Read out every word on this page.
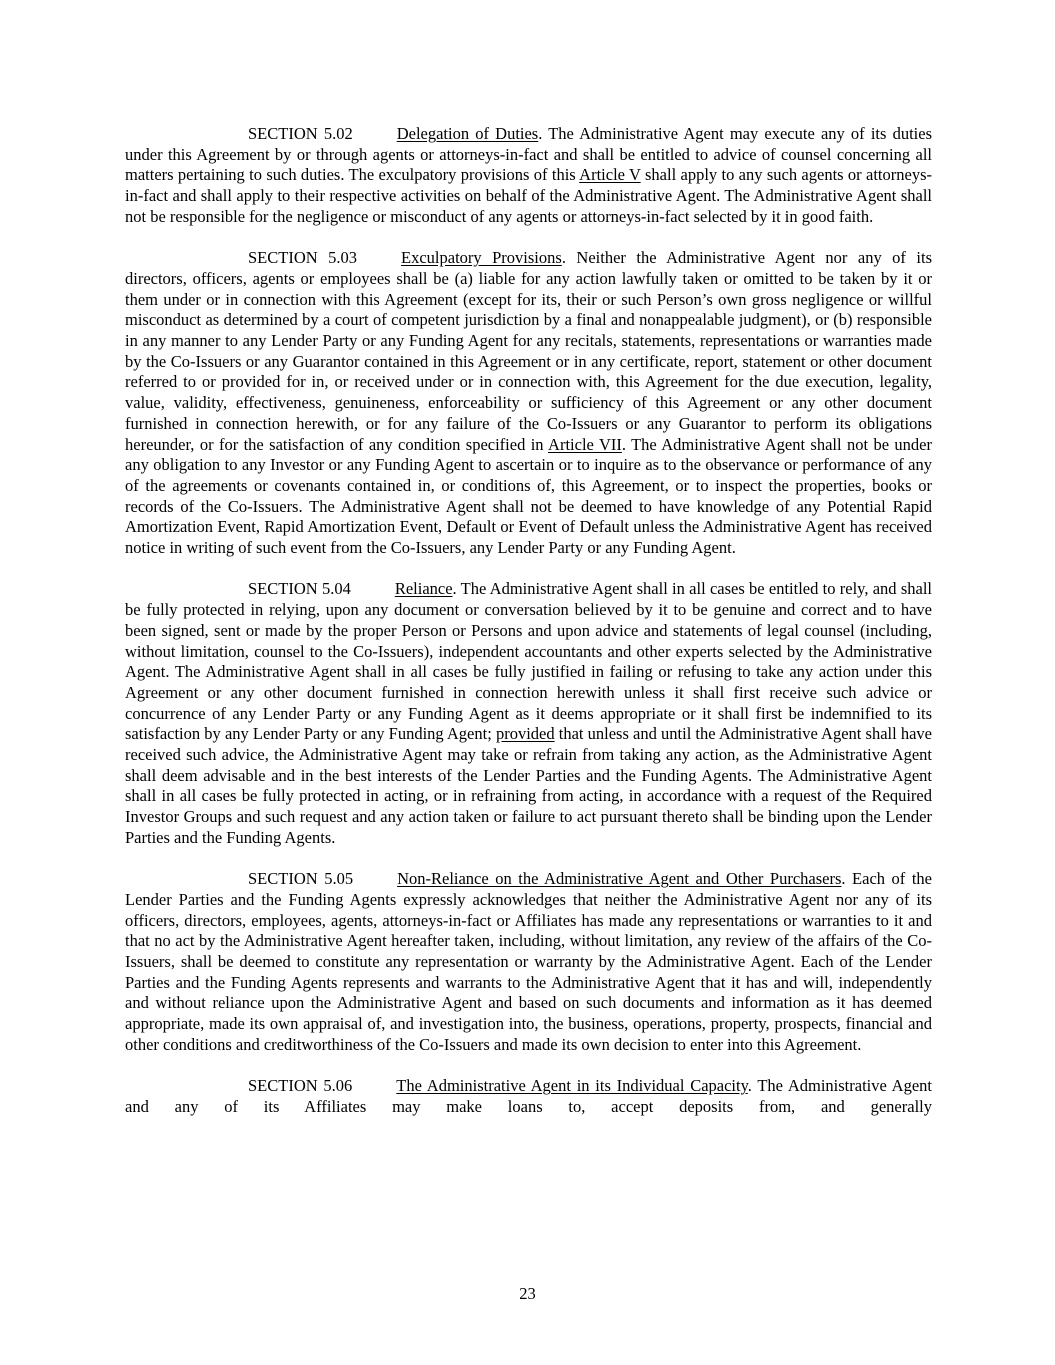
SECTION 5.02	Delegation of Duties. The Administrative Agent may execute any of its duties under this Agreement by or through agents or attorneys-in-fact and shall be entitled to advice of counsel concerning all matters pertaining to such duties. The exculpatory provisions of this Article V shall apply to any such agents or attorneys-in-fact and shall apply to their respective activities on behalf of the Administrative Agent. The Administrative Agent shall not be responsible for the negligence or misconduct of any agents or attorneys-in-fact selected by it in good faith.

SECTION 5.03	Exculpatory Provisions. Neither the Administrative Agent nor any of its directors, officers, agents or employees shall be (a) liable for any action lawfully taken or omitted to be taken by it or them under or in connection with this Agreement (except for its, their or such Person’s own gross negligence or willful misconduct as determined by a court of competent jurisdiction by a final and nonappealable judgment), or (b) responsible in any manner to any Lender Party or any Funding Agent for any recitals, statements, representations or warranties made by the Co-Issuers or any Guarantor contained in this Agreement or in any certificate, report, statement or other document referred to or provided for in, or received under or in connection with, this Agreement for the due execution, legality, value, validity, effectiveness, genuineness, enforceability or sufficiency of this Agreement or any other document furnished in connection herewith, or for any failure of the Co-Issuers or any Guarantor to perform its obligations hereunder, or for the satisfaction of any condition specified in Article VII. The Administrative Agent shall not be under any obligation to any Investor or any Funding Agent to ascertain or to inquire as to the observance or performance of any of the agreements or covenants contained in, or conditions of, this Agreement, or to inspect the properties, books or records of the Co-Issuers. The Administrative Agent shall not be deemed to have knowledge of any Potential Rapid Amortization Event, Rapid Amortization Event, Default or Event of Default unless the Administrative Agent has received notice in writing of such event from the Co-Issuers, any Lender Party or any Funding Agent.

SECTION 5.04	Reliance. The Administrative Agent shall in all cases be entitled to rely, and shall be fully protected in relying, upon any document or conversation believed by it to be genuine and correct and to have been signed, sent or made by the proper Person or Persons and upon advice and statements of legal counsel (including, without limitation, counsel to the Co-Issuers), independent accountants and other experts selected by the Administrative Agent. The Administrative Agent shall in all cases be fully justified in failing or refusing to take any action under this Agreement or any other document furnished in connection herewith unless it shall first receive such advice or concurrence of any Lender Party or any Funding Agent as it deems appropriate or it shall first be indemnified to its satisfaction by any Lender Party or any Funding Agent; provided that unless and until the Administrative Agent shall have received such advice, the Administrative Agent may take or refrain from taking any action, as the Administrative Agent shall deem advisable and in the best interests of the Lender Parties and the Funding Agents. The Administrative Agent shall in all cases be fully protected in acting, or in refraining from acting, in accordance with a request of the Required Investor Groups and such request and any action taken or failure to act pursuant thereto shall be binding upon the Lender Parties and the Funding Agents.

SECTION 5.05	Non-Reliance on the Administrative Agent and Other Purchasers. Each of the Lender Parties and the Funding Agents expressly acknowledges that neither the Administrative Agent nor any of its officers, directors, employees, agents, attorneys-in-fact or Affiliates has made any representations or warranties to it and that no act by the Administrative Agent hereafter taken, including, without limitation, any review of the affairs of the Co-Issuers, shall be deemed to constitute any representation or warranty by the Administrative Agent. Each of the Lender Parties and the Funding Agents represents and warrants to the Administrative Agent that it has and will, independently and without reliance upon the Administrative Agent and based on such documents and information as it has deemed appropriate, made its own appraisal of, and investigation into, the business, operations, property, prospects, financial and other conditions and creditworthiness of the Co-Issuers and made its own decision to enter into this Agreement.

SECTION 5.06	The Administrative Agent in its Individual Capacity. The Administrative Agent and any of its Affiliates may make loans to, accept deposits from, and generally

23
